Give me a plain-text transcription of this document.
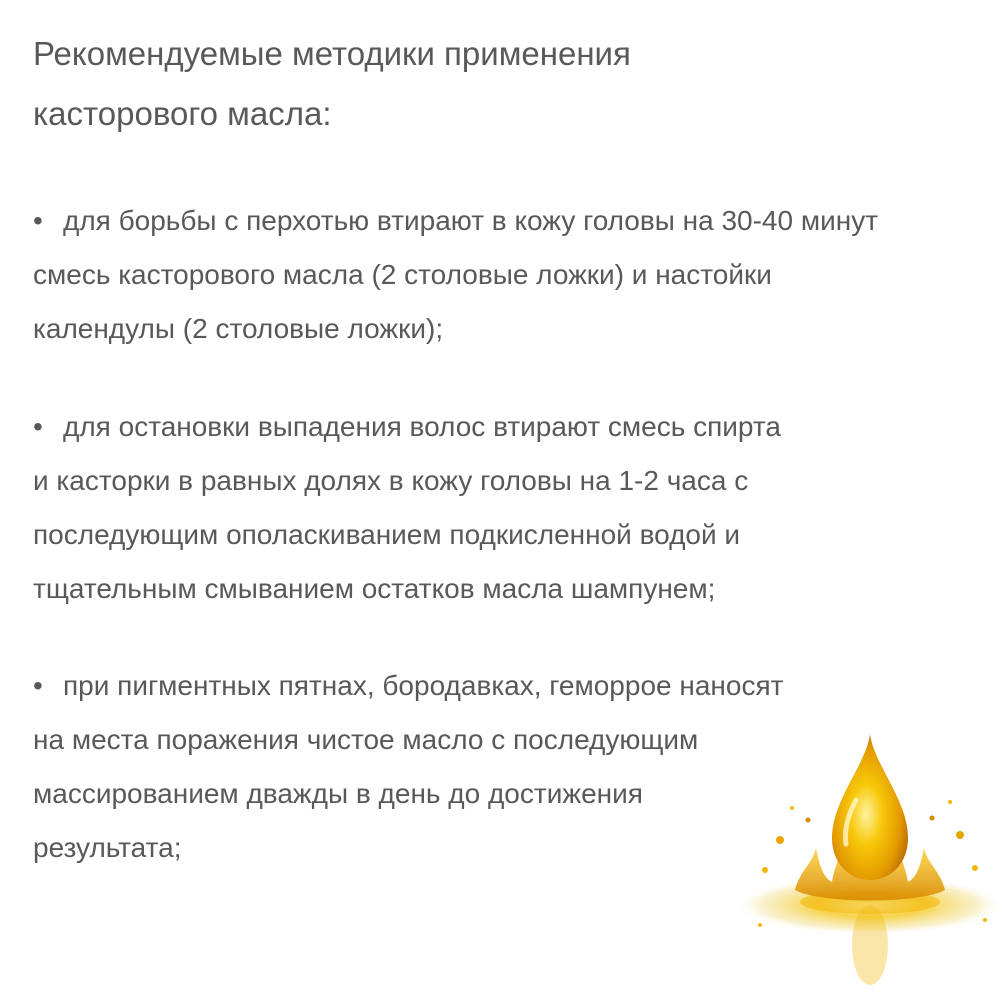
Рекомендуемые методики применения
касторового масла:
• для борьбы с перхотью втирают в кожу головы на 30-40 минут
смесь касторового масла (2 столовые ложки) и настойки
календулы (2 столовые ложки);
• для остановки выпадения волос втирают смесь спирта
и касторки в равных долях в кожу головы на 1-2 часа с
последующим ополаскиванием подкисленной водой и
тщательным смыванием остатков масла шампунем;
• при пигментных пятнах, бородавках, геморрое наносят
на места поражения чистое масло с последующим
массированием дважды в день до достижения
результата;
